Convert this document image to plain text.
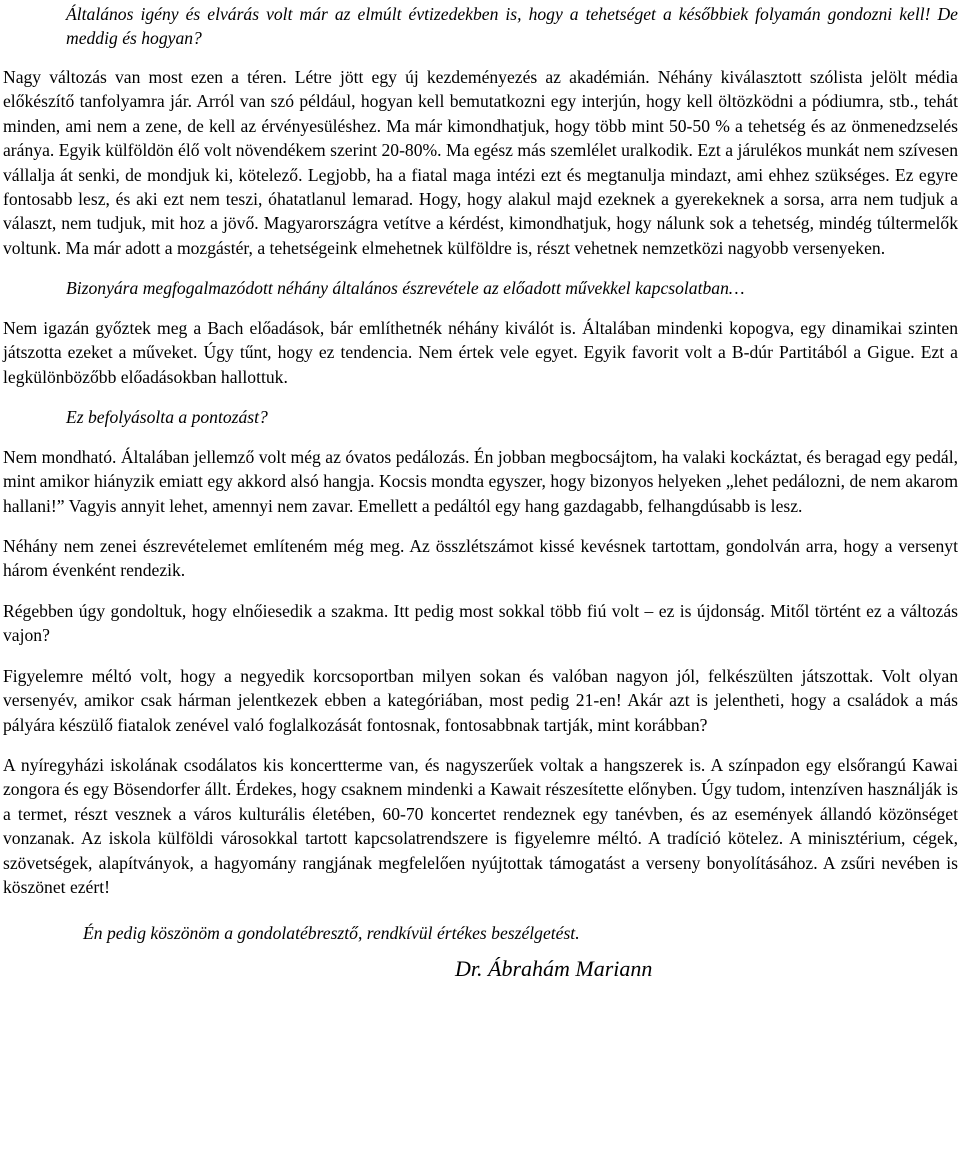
Általános igény és elvárás volt már az elmúlt évtizedekben is, hogy a tehetséget a későbbiek folyamán gondozni kell! De meddig és hogyan?

Nagy változás van most ezen a téren. Létre jött egy új kezdeményezés az akadémián. Néhány kiválasztott szólista jelölt média előkészítő tanfolyamra jár. Arról van szó például, hogyan kell bemutatkozni egy interjún, hogy kell öltözködni a pódiumra, stb., tehát minden, ami nem a zene, de kell az érvényesüléshez. Ma már kimondhatjuk, hogy több mint 50-50 % a tehetség és az önmenedzselés aránya. Egyik külföldön élő volt növendékem szerint 20-80%. Ma egész más szemlélet uralkodik. Ezt a járulékos munkát nem szívesen vállalja át senki, de mondjuk ki, kötelező. Legjobb, ha a fiatal maga intézi ezt és megtanulja mindazt, ami ehhez szükséges. Ez egyre fontosabb lesz, és aki ezt nem teszi, óhatatlanul lemarad. Hogy, hogy alakul majd ezeknek a gyerekeknek a sorsa, arra nem tudjuk a választ, nem tudjuk, mit hoz a jövő. Magyarországra vetítve a kérdést, kimondhatjuk, hogy nálunk sok a tehetség, mindég túltermelők voltunk. Ma már adott a mozgástér, a tehetségeink elmehetnek külföldre is, részt vehetnek nemzetközi nagyobb versenyeken.

Bizonyára megfogalmazódott néhány általános észrevétele az előadott művekkel kapcsolatban…

Nem igazán győztek meg a Bach előadások, bár említhetnék néhány kiválót is. Általában mindenki kopogva, egy dinamikai szinten játszotta ezeket a műveket. Úgy tűnt, hogy ez tendencia. Nem értek vele egyet. Egyik favorit volt a B-dúr Partitából a Gigue. Ezt a legkülönbözőbb előadásokban hallottuk.

Ez befolyásolta a pontozást?

Nem mondható. Általában jellemző volt még az óvatos pedálozás. Én jobban megbocsájtom, ha valaki kockáztat, és beragad egy pedál, mint amikor hiányzik emiatt egy akkord alsó hangja. Kocsis mondta egyszer, hogy bizonyos helyeken „lehet pedálozni, de nem akarom hallani!” Vagyis annyit lehet, amennyi nem zavar. Emellett a pedáltól egy hang gazdagabb, felhangdúsabb is lesz.

Néhány nem zenei észrevételemet említeném még meg. Az összlétszámot kissé kevésnek tartottam, gondolván arra, hogy a versenyt három évenként rendezik.

Régebben úgy gondoltuk, hogy elnőiesedik a szakma. Itt pedig most sokkal több fiú volt – ez is újdonság. Mitől történt ez a változás vajon?

Dr. Ábrahám Mariann

Figyelemre méltó volt, hogy a negyedik korcsoportban milyen sokan és valóban nagyon jól, felkészülten játszottak. Volt olyan versenyév, amikor csak hárman jelentkezek ebben a kategóriában, most pedig 21-en! Akár azt is jelentheti, hogy a családok a más pályára készülő fiatalok zenével való foglalkozását fontosnak, fontosabbnak tartják, mint korábban?

A nyíregyházi iskolának csodálatos kis koncertterme van, és nagyszerűek voltak a hangszerek is. A színpadon egy elsőrangú Kawai zongora és egy Bösendorfer állt. Érdekes, hogy csaknem mindenki a Kawait részesítette előnyben. Úgy tudom, intenzíven használják is a termet, részt vesznek a város kulturális életében, 60-70 koncertet rendeznek egy tanévben, és az események állandó közönséget vonzanak. Az iskola külföldi városokkal tartott kapcsolatrendszere is figyelemre méltó. A tradíció kötelez. A minisztérium, cégek, szövetségek, alapítványok, a hagyomány rangjának megfelelően nyújtottak támogatást a verseny bonyolításához. A zsűri nevében is köszönet ezért!

Én pedig köszönöm a gondolatébresztő, rendkívül értékes beszélgetést.
